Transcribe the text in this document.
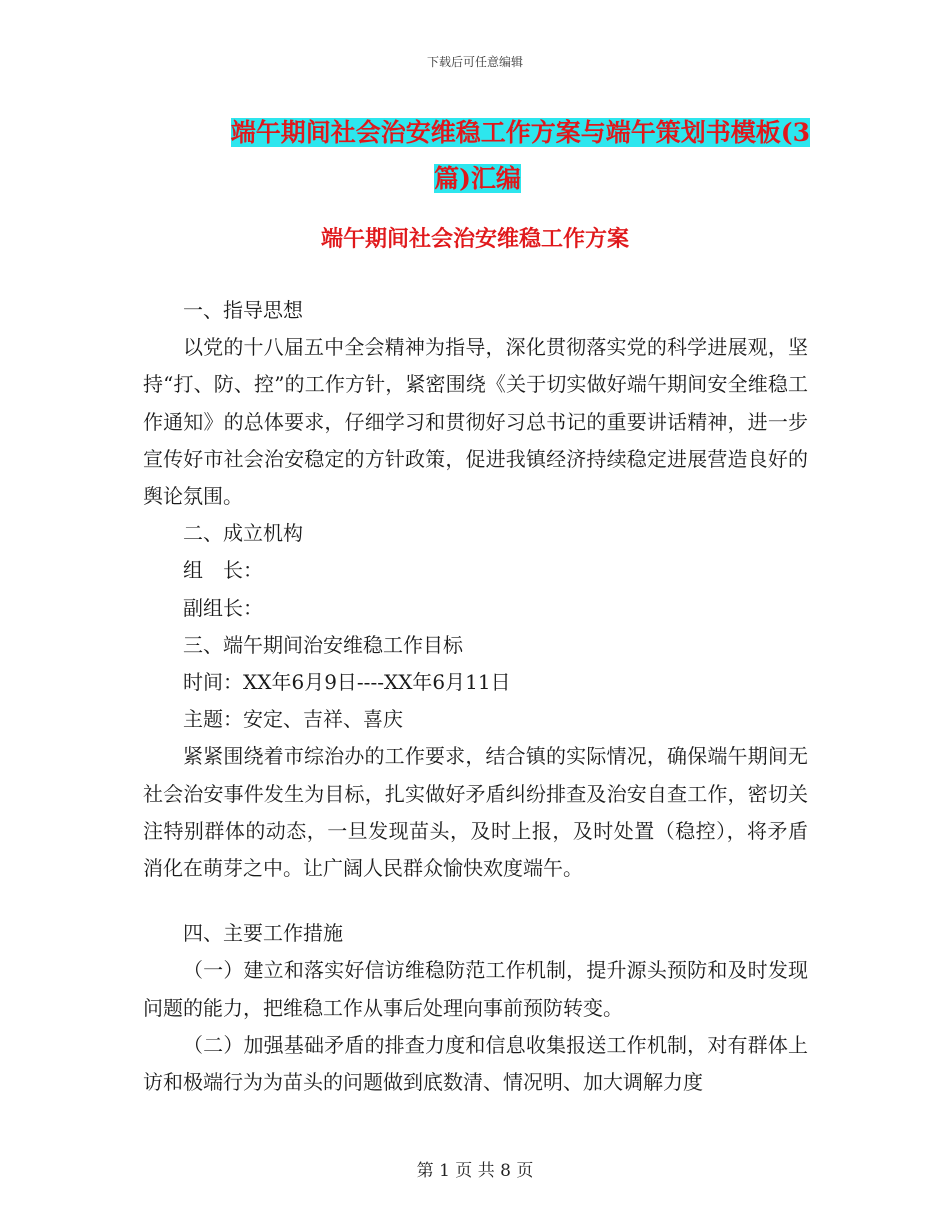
下载后可任意编辑
端午期间社会治安维稳工作方案与端午策划书模板(3
篇)汇编
端午期间社会治安维稳工作方案

一、指导思想

以党的十八届五中全会精神为指导，深化贯彻落实党的科学进展观，坚持“打、防、控”的工作方针，紧密围绕《关于切实做好端午期间安全维稳工作通知》的总体要求，仔细学习和贯彻好习总书记的重要讲话精神，进一步宣传好市社会治安稳定的方针政策，促进我镇经济持续稳定进展营造良好的舆论氛围。

二、成立机构

组　长：

副组长：

三、端午期间治安维稳工作目标

时间：XX年6月9日----XX年6月11日

主题：安定、吉祥、喜庆

紧紧围绕着市综治办的工作要求，结合镇的实际情况，确保端午期间无社会治安事件发生为目标，扎实做好矛盾纠纷排查及治安自查工作，密切关注特别群体的动态，一旦发现苗头，及时上报，及时处置（稳控），将矛盾消化在萌芽之中。让广阔人民群众愉快欢度端午。

四、主要工作措施

（一）建立和落实好信访维稳防范工作机制，提升源头预防和及时发现问题的能力，把维稳工作从事后处理向事前预防转变。

（二）加强基础矛盾的排查力度和信息收集报送工作机制，对有群体上访和极端行为为苗头的问题做到底数清、情况明、加大调解力度

第 1 页 共 8 页
